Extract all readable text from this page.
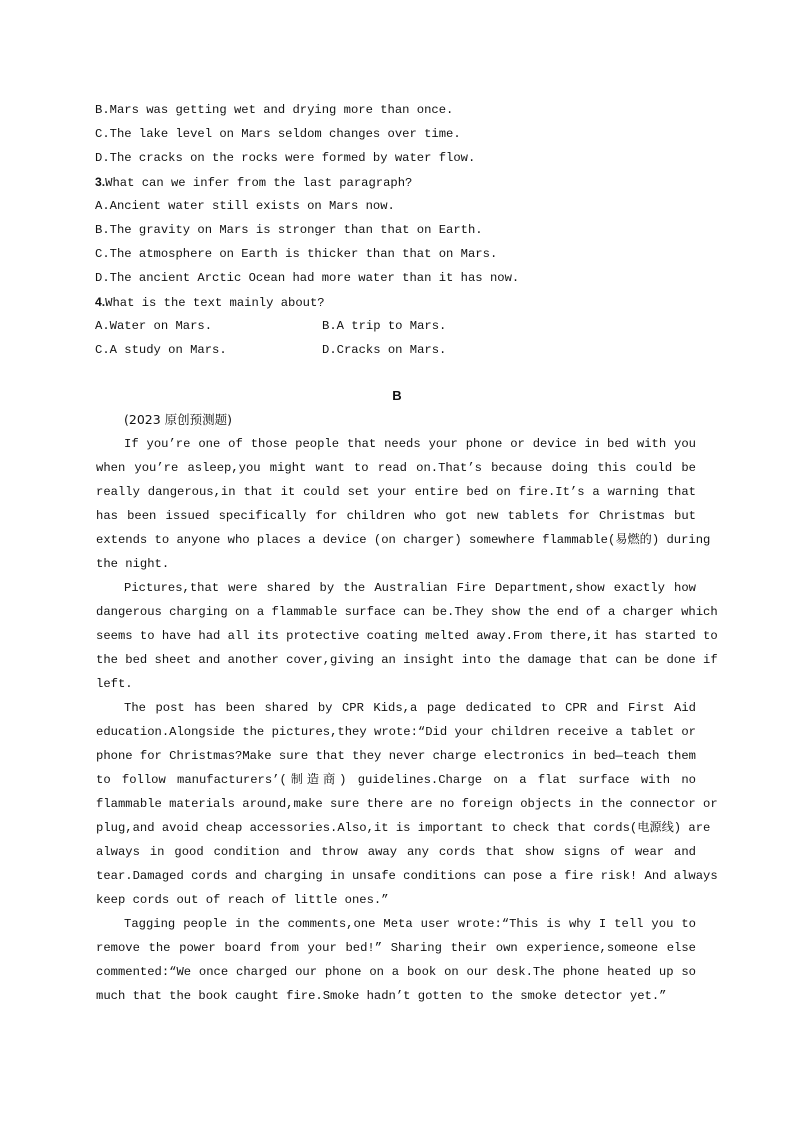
B.Mars was getting wet and drying more than once.
C.The lake level on Mars seldom changes over time.
D.The cracks on the rocks were formed by water flow.
3.What can we infer from the last paragraph?
A.Ancient water still exists on Mars now.
B.The gravity on Mars is stronger than that on Earth.
C.The atmosphere on Earth is thicker than that on Mars.
D.The ancient Arctic Ocean had more water than it has now.
4.What is the text mainly about?
A.Water on Mars.	B.A trip to Mars.
C.A study on Mars.	D.Cracks on Mars.
B
(2023 原创预测题)
If you’re one of those people that needs your phone or device in bed with you
when you’re asleep,you might want to read on.That’s because doing this could be
really dangerous,in that it could set your entire bed on fire.It’s a warning that
has been issued specifically for children who got new tablets for Christmas but
extends to anyone who places a device (on charger) somewhere flammable(易燃的) during
the night.
Pictures,that were shared by the Australian Fire Department,show exactly how
dangerous charging on a flammable surface can be.They show the end of a charger which
seems to have had all its protective coating melted away.From there,it has started to
the bed sheet and another cover,giving an insight into the damage that can be done if
left.
The post has been shared by CPR Kids,a page dedicated to CPR and First Aid
education.Alongside the pictures,they wrote:“Did your children receive a tablet or
phone for Christmas?Make sure that they never charge electronics in bed—teach them
to follow manufacturers’(制造商) guidelines.Charge on a flat surface with no
flammable materials around,make sure there are no foreign objects in the connector or
plug,and avoid cheap accessories.Also,it is important to check that cords(电源线) are
always in good condition and throw away any cords that show signs of wear and
tear.Damaged cords and charging in unsafe conditions can pose a fire risk! And always
keep cords out of reach of little ones.”
Tagging people in the comments,one Meta user wrote:“This is why I tell you to
remove the power board from your bed!” Sharing their own experience,someone else
commented:“We once charged our phone on a book on our desk.The phone heated up so
much that the book caught fire.Smoke hadn’t gotten to the smoke detector yet.”
